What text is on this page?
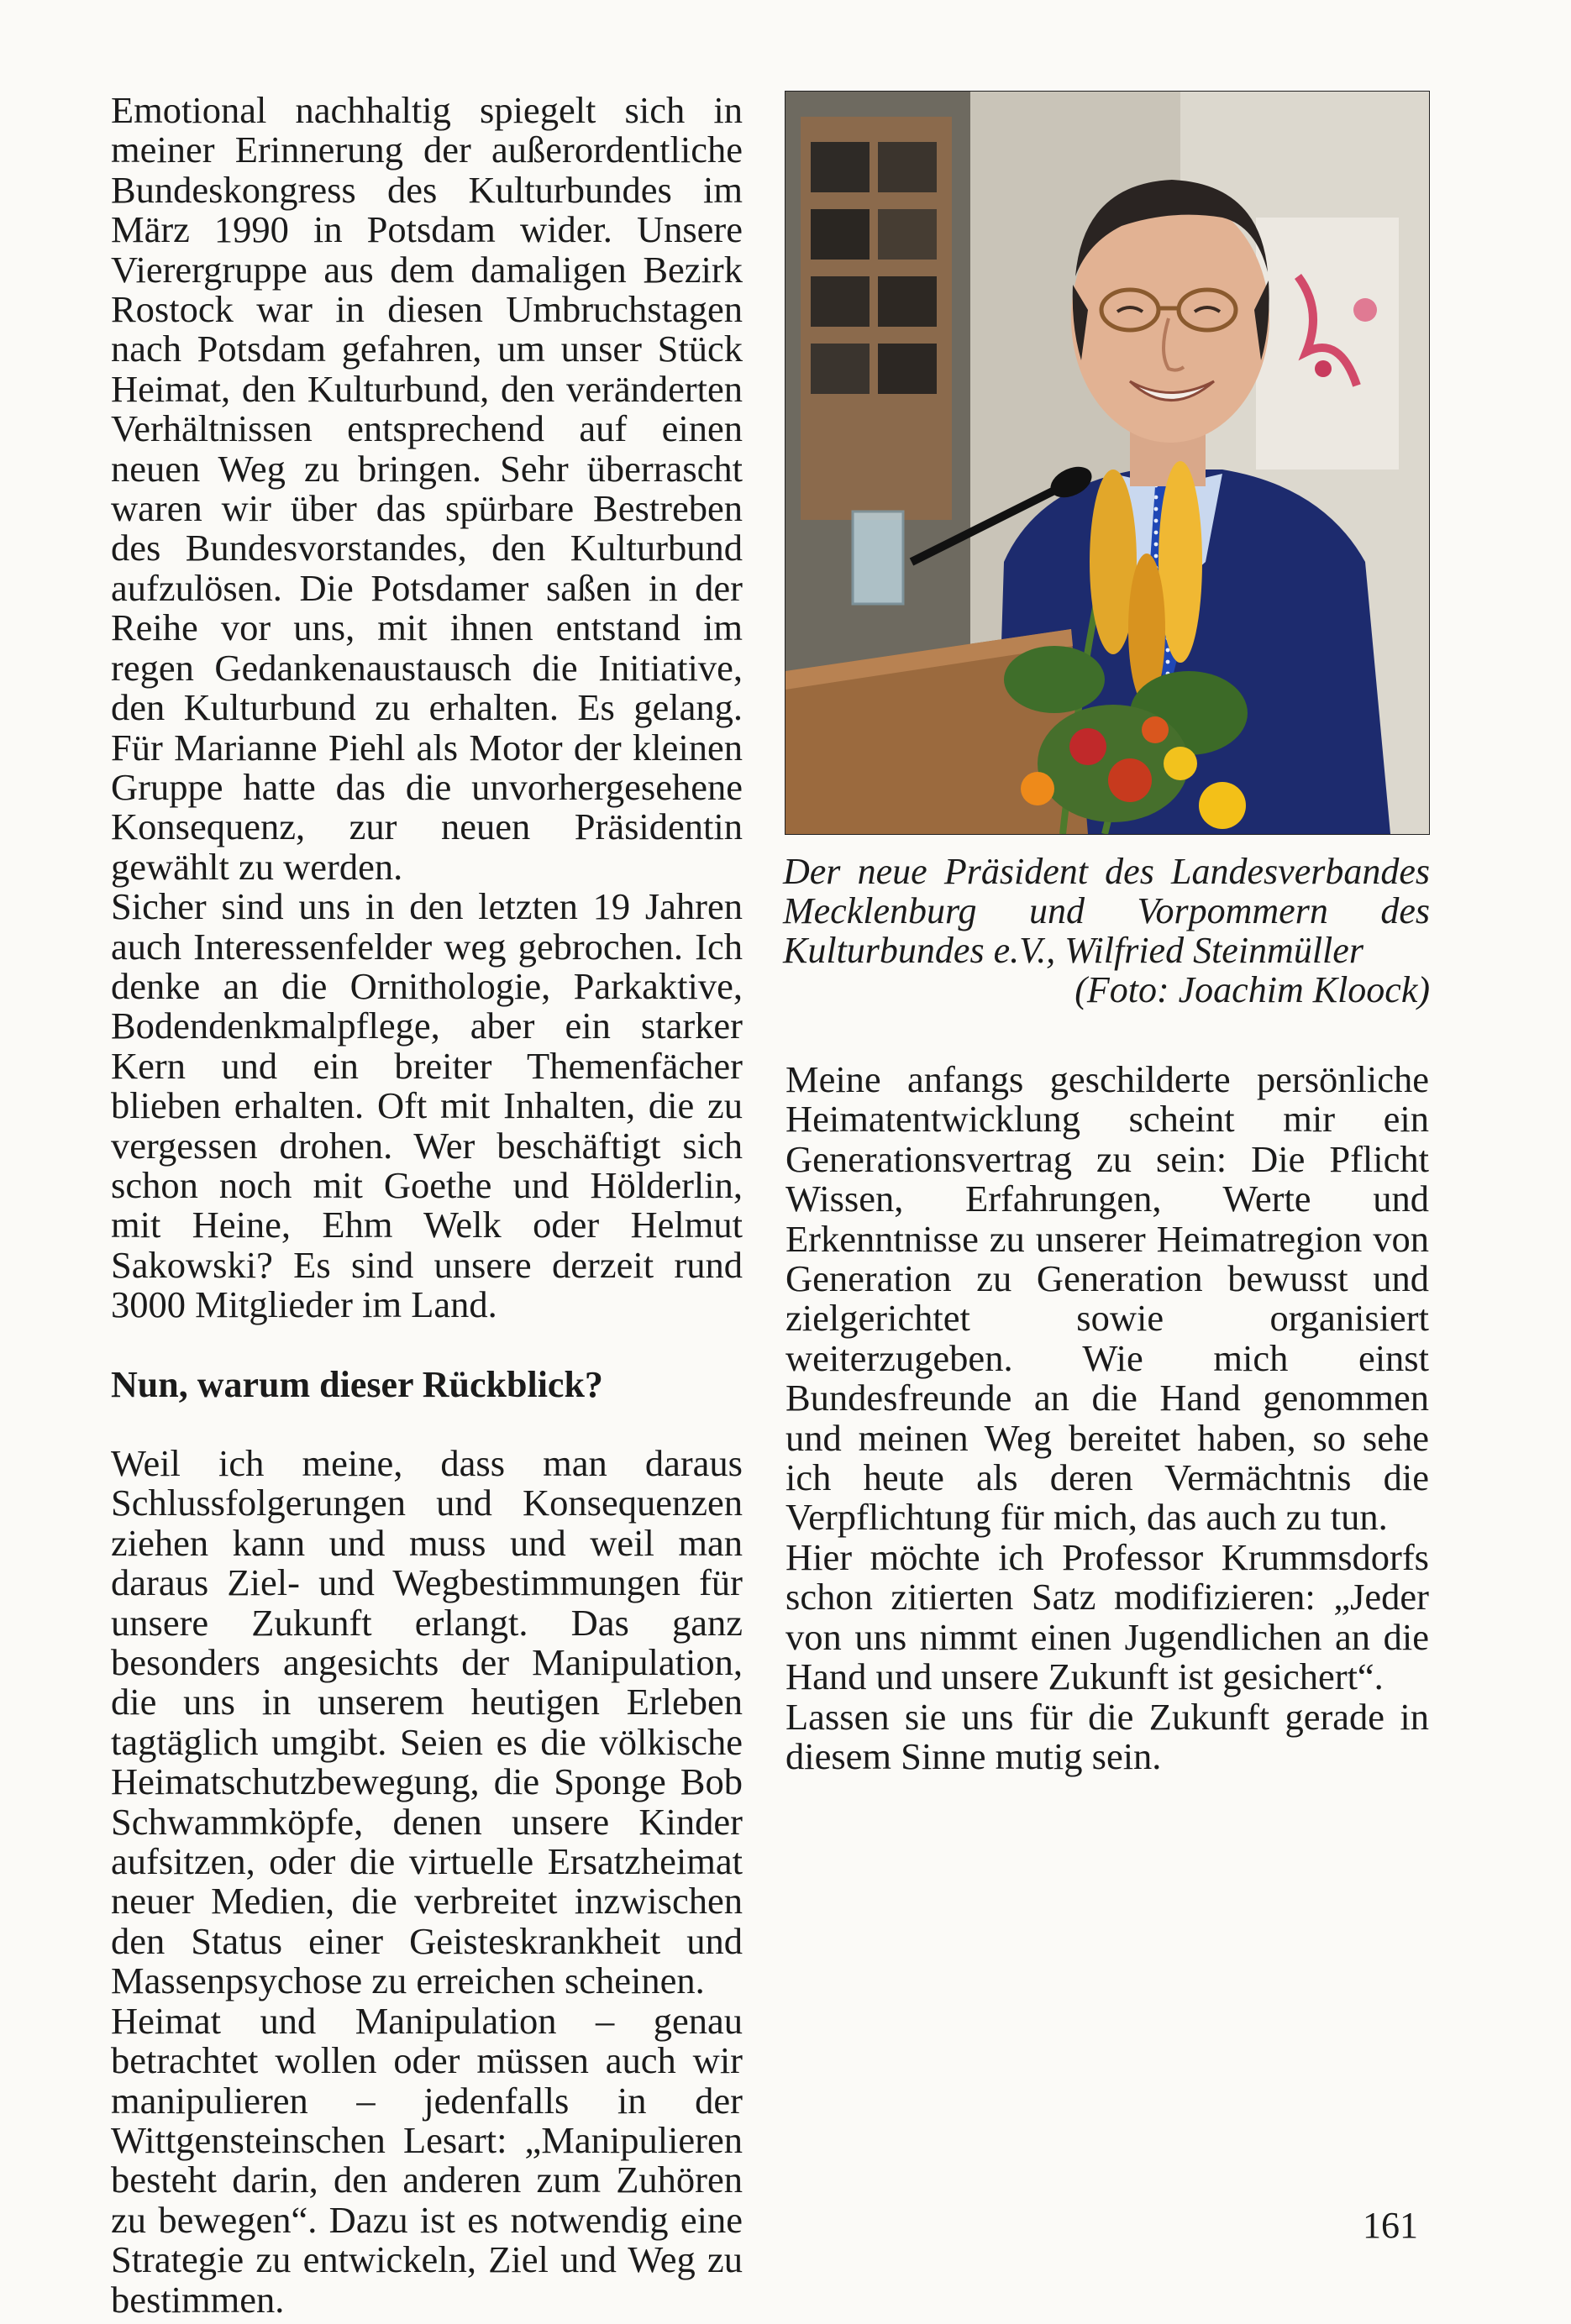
Emotional nachhaltig spiegelt sich in meiner Erinnerung der außerordentliche Bundeskongress des Kulturbundes im März 1990 in Potsdam wider. Unsere Vierergruppe aus dem damaligen Bezirk Rostock war in diesen Umbruchstagen nach Potsdam gefahren, um unser Stück Heimat, den Kulturbund, den veränderten Verhältnissen entsprechend auf einen neuen Weg zu bringen. Sehr überrascht waren wir über das spürbare Bestreben des Bundesvorstandes, den Kulturbund aufzulösen. Die Potsdamer saßen in der Reihe vor uns, mit ihnen entstand im regen Gedankenaustausch die Initiative, den Kulturbund zu erhalten. Es gelang. Für Marianne Piehl als Motor der kleinen Gruppe hatte das die unvorhergesehene Konsequenz, zur neuen Präsidentin gewählt zu werden.

Sicher sind uns in den letzten 19 Jahren auch Interessenfelder weg gebrochen. Ich denke an die Ornithologie, Parkaktive, Bodendenkmalpflege, aber ein starker Kern und ein breiter Themenfächer blieben erhalten. Oft mit Inhalten, die zu vergessen drohen. Wer beschäftigt sich schon noch mit Goethe und Hölderlin, mit Heine, Ehm Welk oder Helmut Sakowski? Es sind unsere derzeit rund 3000 Mitglieder im Land.

Nun, warum dieser Rückblick?

Weil ich meine, dass man daraus Schlussfolgerungen und Konsequenzen ziehen kann und muss und weil man daraus Ziel- und Wegbestimmungen für unsere Zukunft erlangt. Das ganz besonders angesichts der Manipulation, die uns in unserem heutigen Erleben tagtäglich umgibt. Seien es die völkische Heimatschutzbewegung, die Sponge Bob Schwammköpfe, denen unsere Kinder aufsitzen, oder die virtuelle Ersatzheimat neuer Medien, die verbreitet inzwischen den Status einer Geisteskrankheit und Massenpsychose zu erreichen scheinen.

Heimat und Manipulation – genau betrachtet wollen oder müssen auch wir manipulieren – jedenfalls in der Wittgensteinschen Lesart: „Manipulieren besteht darin, den anderen zum Zuhören zu bewegen“. Dazu ist es notwendig eine Strategie zu entwickeln, Ziel und Weg zu bestimmen.

Der neue Präsident des Landesverbandes Mecklenburg und Vorpommern des Kulturbundes e.V., Wilfried Steinmüller
(Foto: Joachim Kloock)

Meine anfangs geschilderte persönliche Heimatentwicklung scheint mir ein Generationsvertrag zu sein: Die Pflicht Wissen, Erfahrungen, Werte und Erkenntnisse zu unserer Heimatregion von Generation zu Generation bewusst und zielgerichtet sowie organisiert weiterzugeben. Wie mich einst Bundesfreunde an die Hand genommen und meinen Weg bereitet haben, so sehe ich heute als deren Vermächtnis die Verpflichtung für mich, das auch zu tun.

Hier möchte ich Professor Krummsdorfs schon zitierten Satz modifizieren: „Jeder von uns nimmt einen Jugendlichen an die Hand und unsere Zukunft ist gesichert“.

Lassen sie uns für die Zukunft gerade in diesem Sinne mutig sein.

161
